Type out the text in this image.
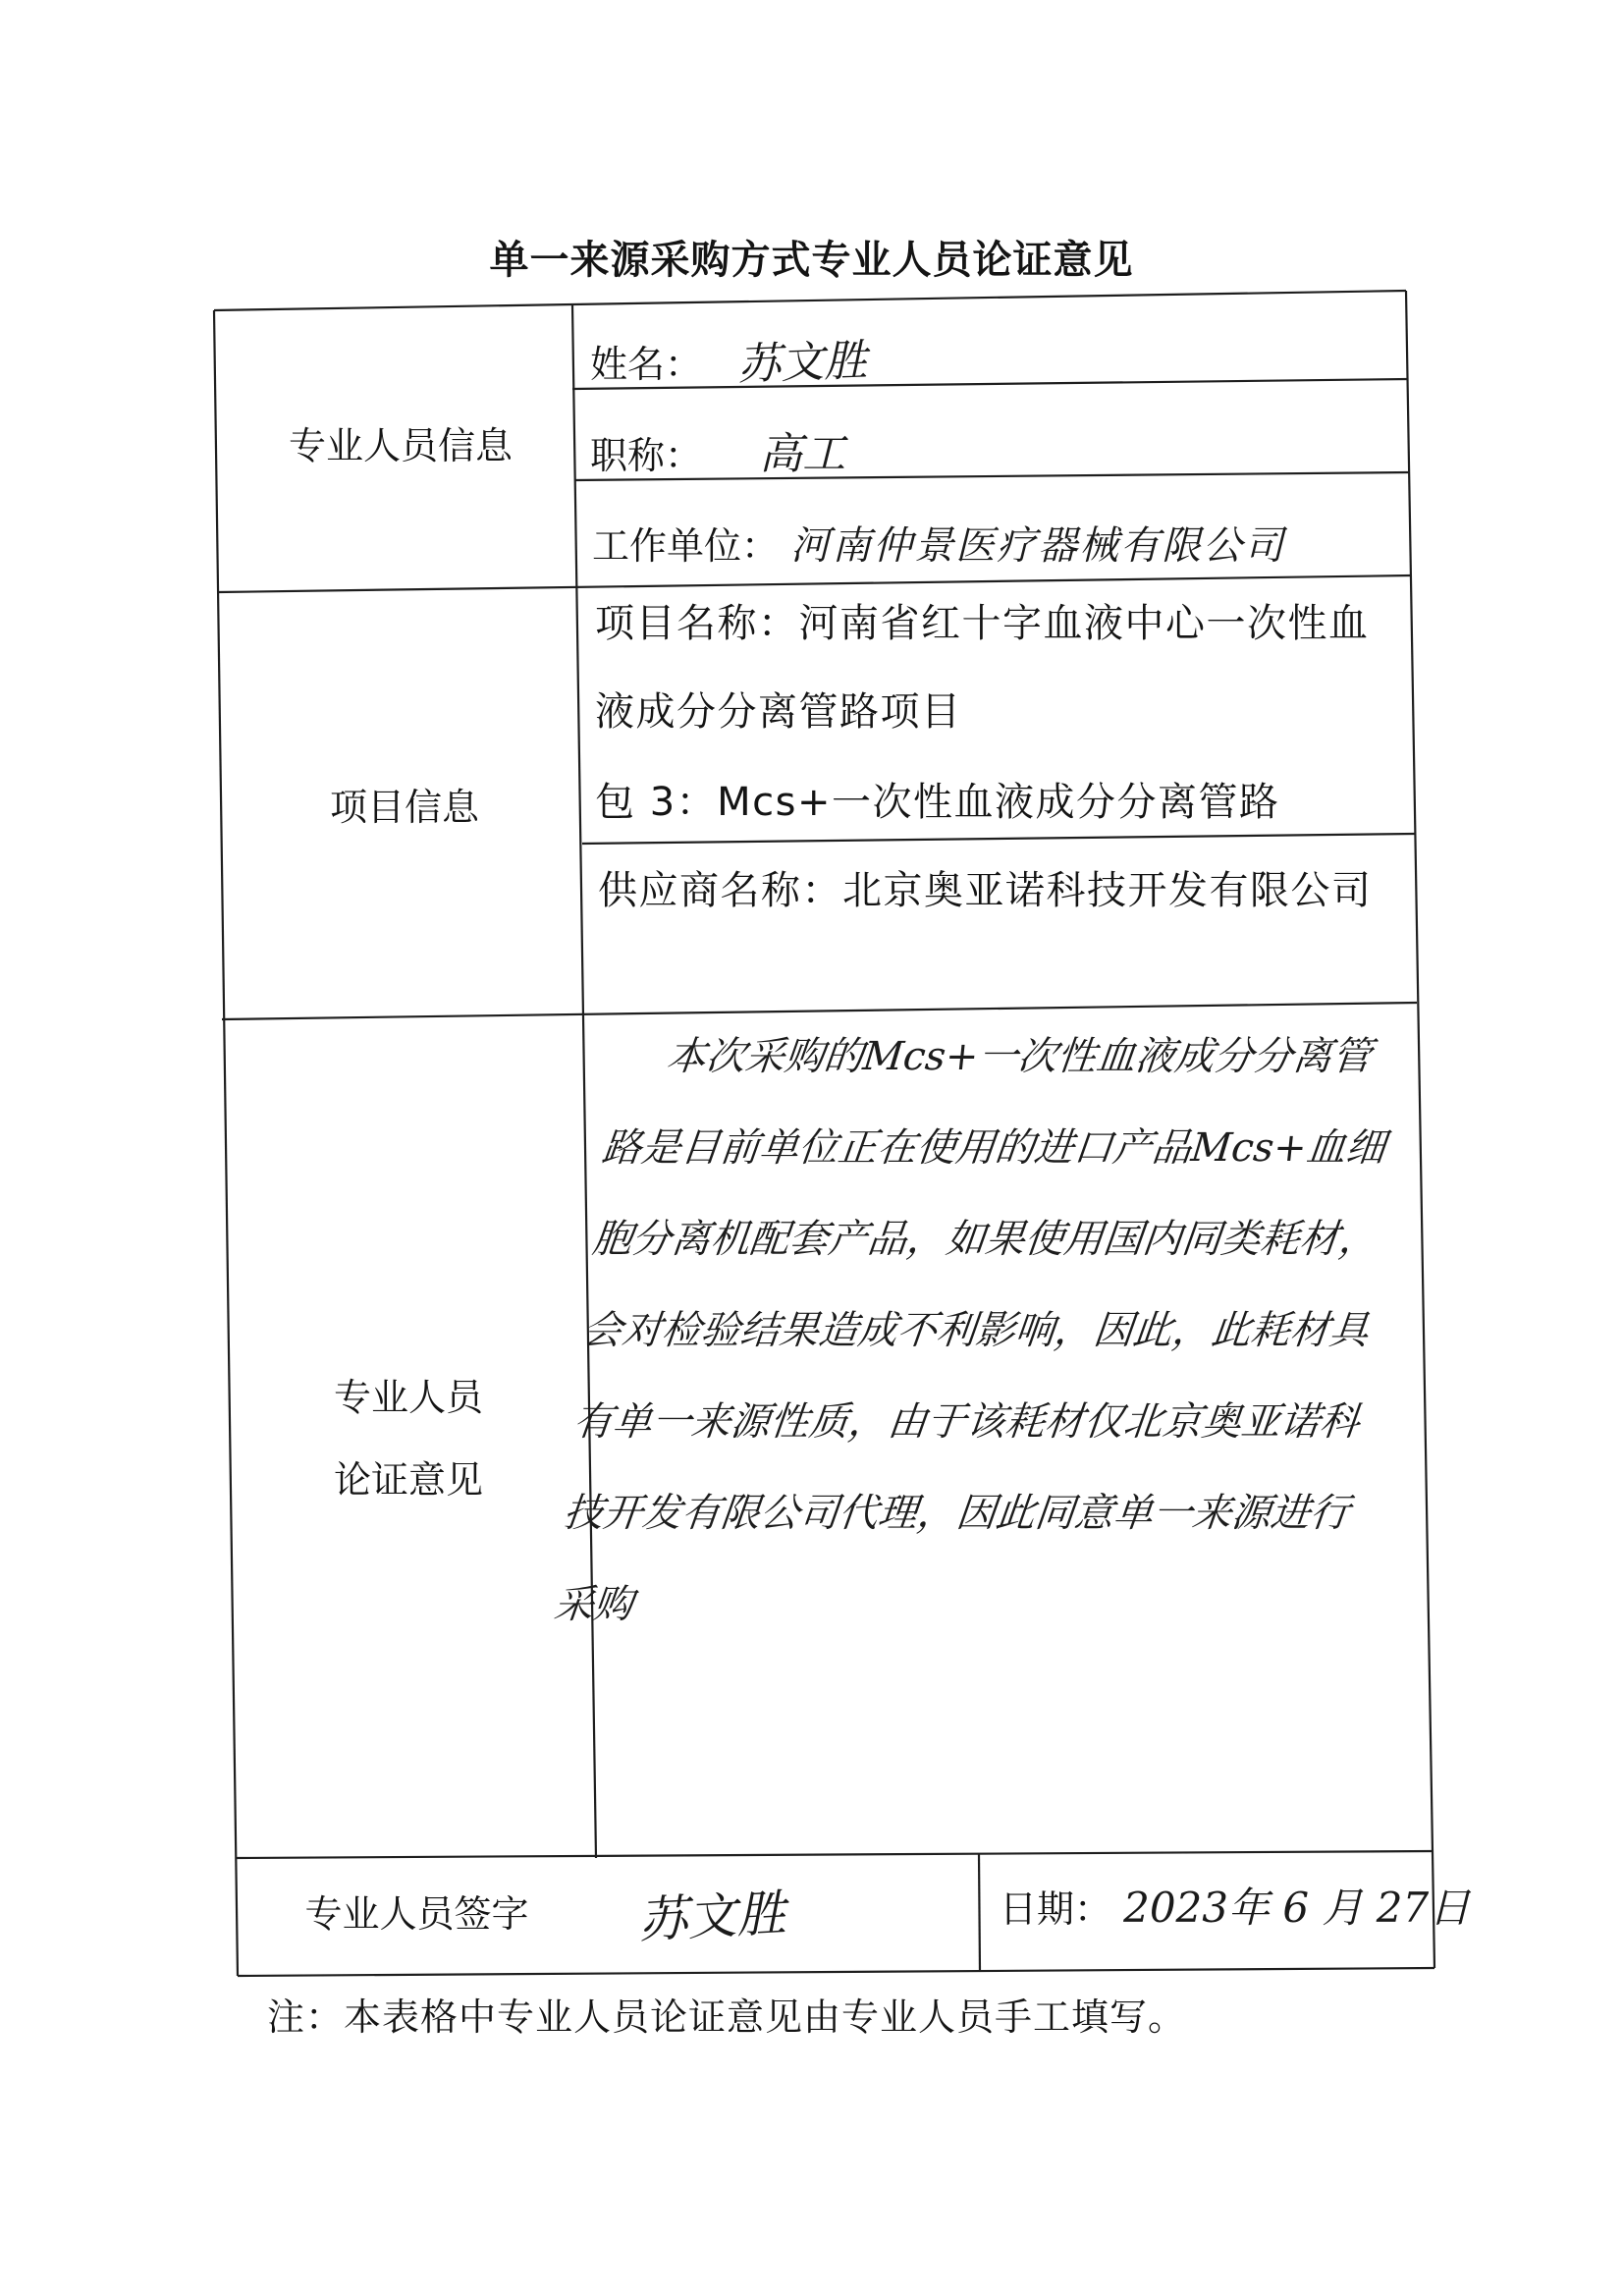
单一来源采购方式专业人员论证意见
专业人员信息
姓名： 苏文胜
职称： 高工
工作单位： 河南仲景医疗器械有限公司
项目信息
项目名称：河南省红十字血液中心一次性血液成分分离管路项目
包 3：Mcs+一次性血液成分分离管路
供应商名称：北京奥亚诺科技开发有限公司
专业人员
论证意见
本次采购的Mcs+一次性血液成分分离管路是目前单位正在使用的进口产品Mcs+血细胞分离机配套产品，如果使用国内同类耗材，会对检验结果造成不利影响，因此，此耗材具有单一来源性质，由于该耗材仅北京奥亚诺科技开发有限公司代理，因此同意单一来源进行采购
专业人员签字	苏文胜	日期： 2023年 6 月 27日
注：本表格中专业人员论证意见由专业人员手工填写。
